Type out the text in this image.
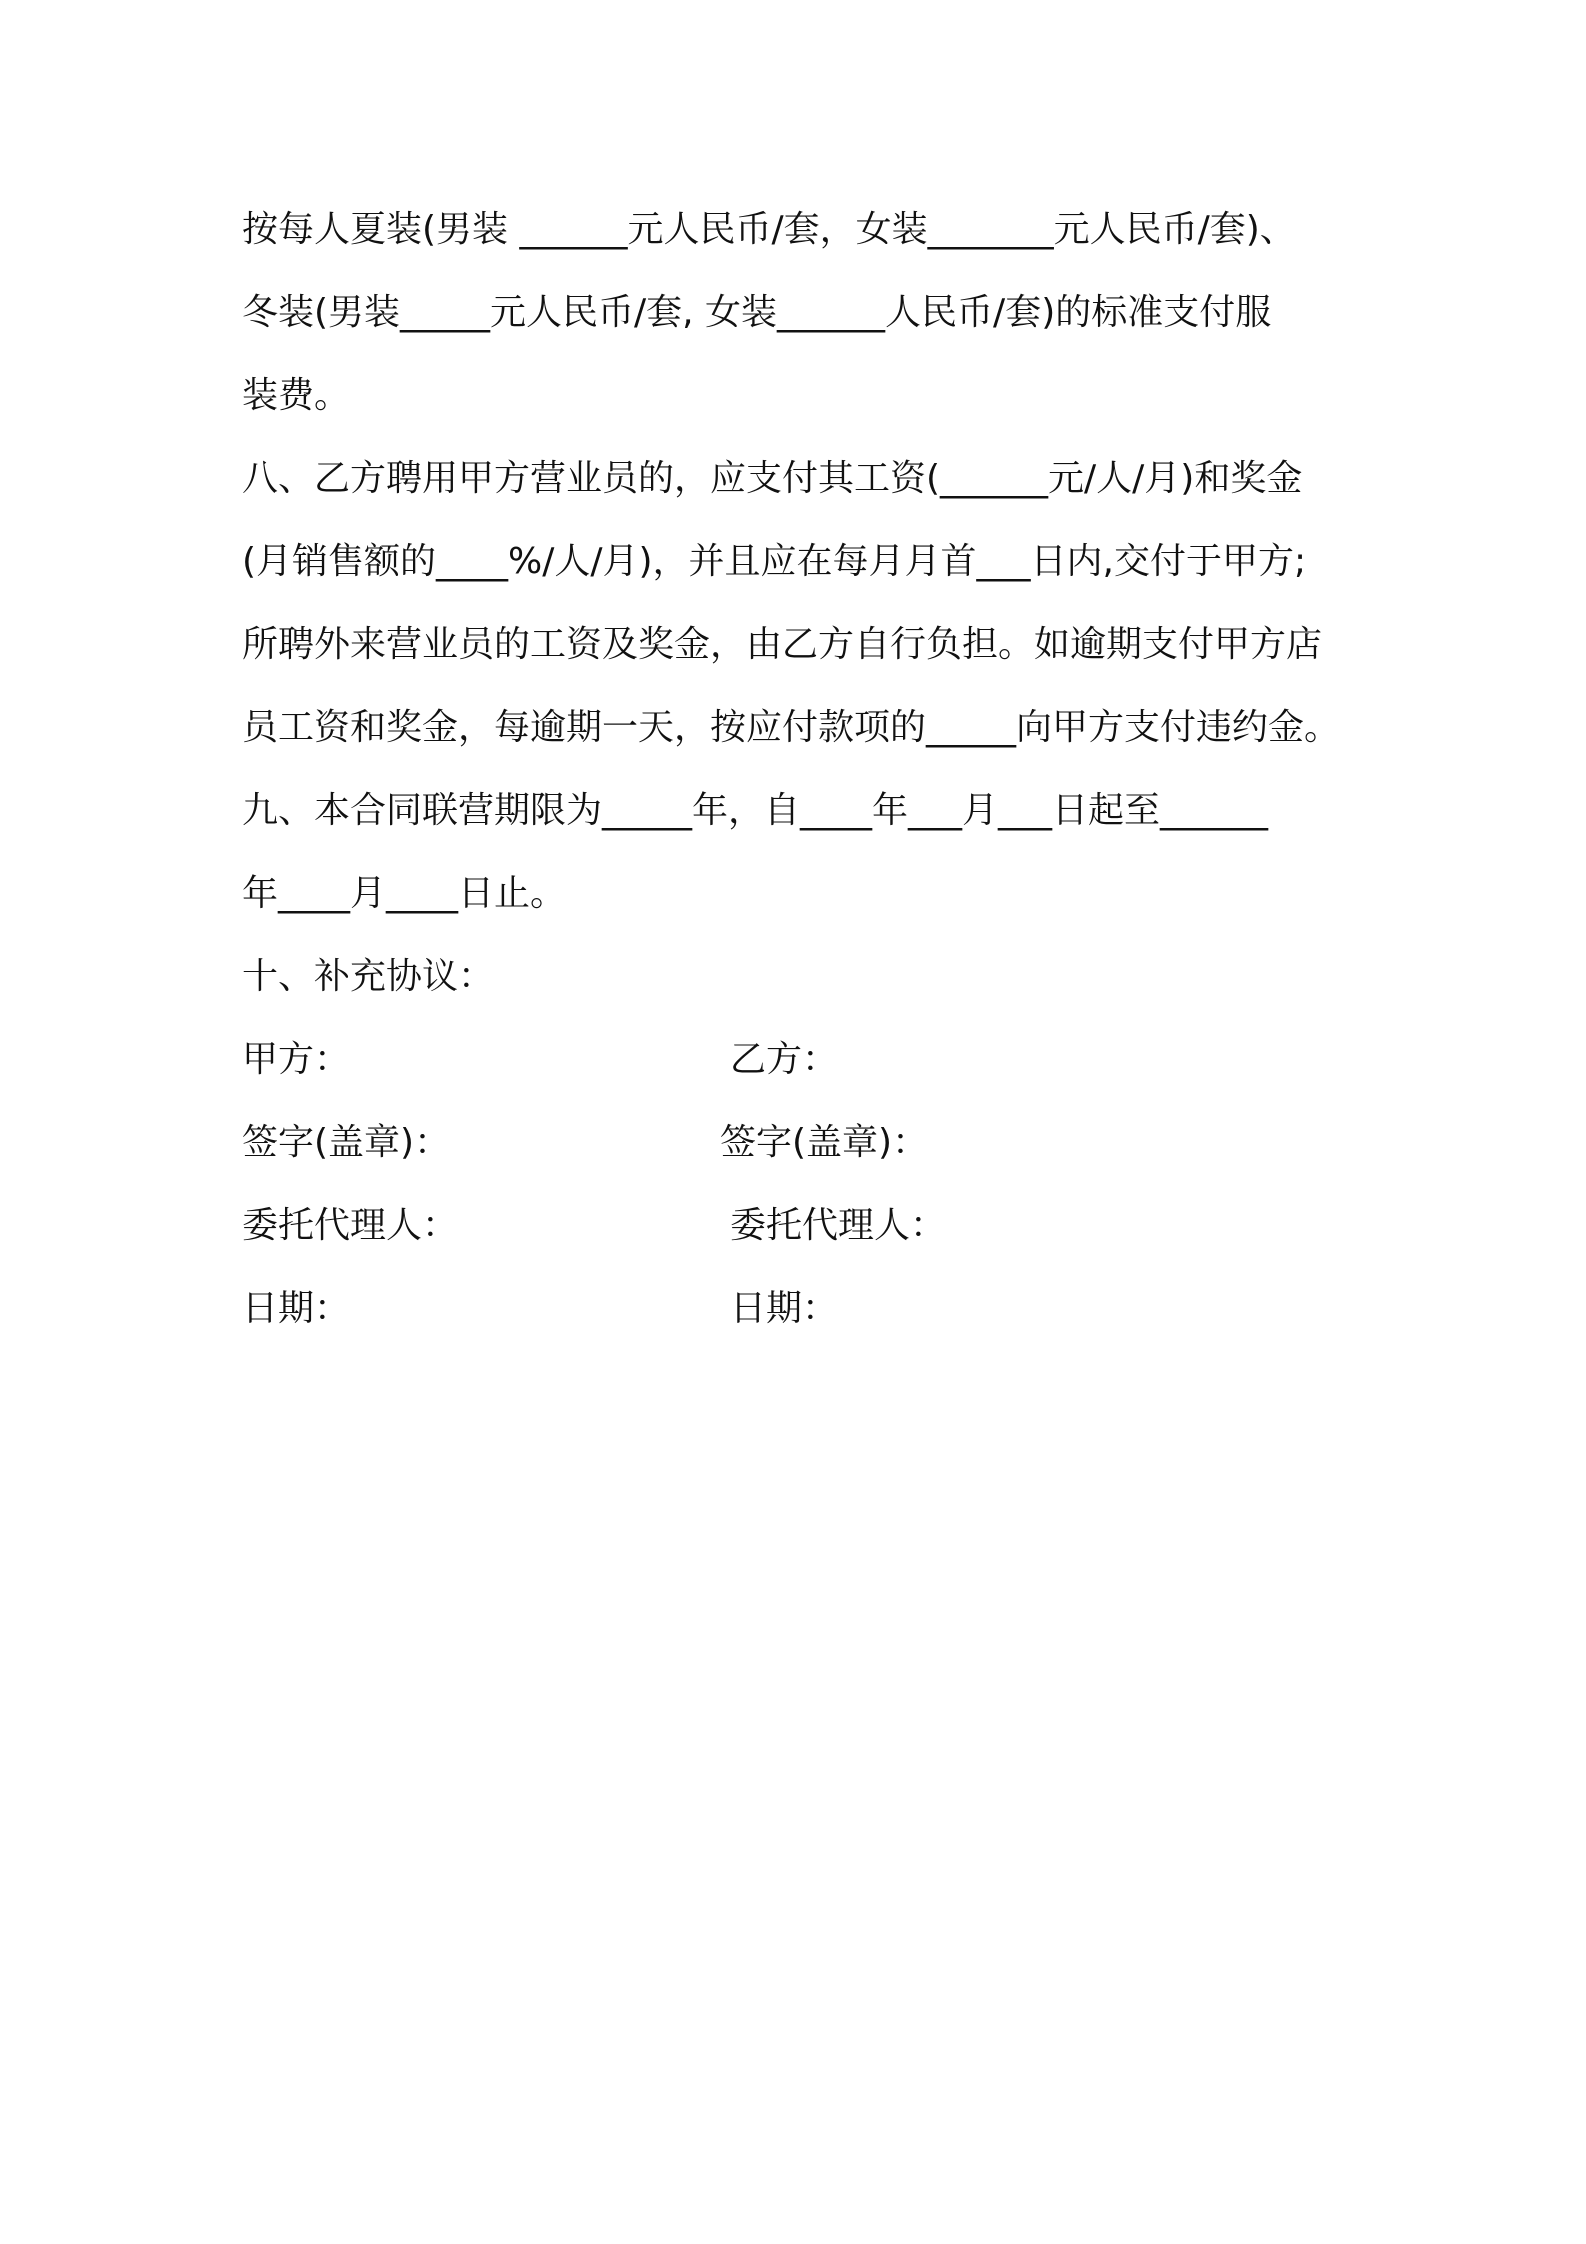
按每人夏装(男装 ______元人民币/套，女装_______元人民币/套)、
冬装(男装_____元人民币/套, 女装______人民币/套)的标准支付服
装费。
八、乙方聘用甲方营业员的，应支付其工资(______元/人/月)和奖金
(月销售额的____%/人/月)，并且应在每月月首___日内,交付于甲方;
所聘外来营业员的工资及奖金，由乙方自行负担。如逾期支付甲方店
员工资和奖金，每逾期一天，按应付款项的_____向甲方支付违约金。
九、本合同联营期限为_____年，自____年___月___日起至______
年____月____日止。
十、补充协议：
甲方：	乙方：
签字(盖章)：	签字(盖章)：
委托代理人：	委托代理人：
日期：	日期：
